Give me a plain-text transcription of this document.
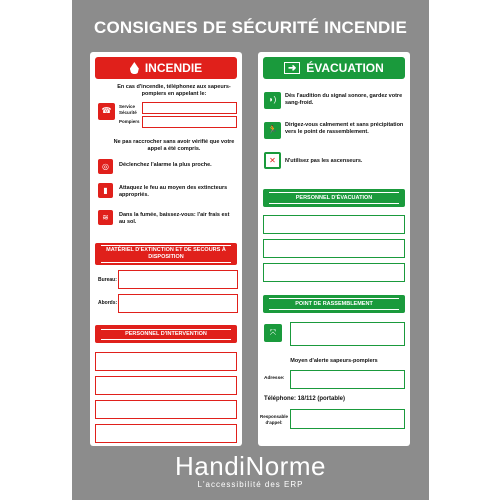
CONSIGNES DE SÉCURITÉ INCENDIE
INCENDIE
En cas d'incendie, téléphonez aux sapeurs-pompiers en appelant le:
☎	Service Sécurité
Pompiers
Ne pas raccrocher sans avoir vérifié que votre appel a été compris.
◎	Déclenchez l'alarme la plus proche.
▮	Attaquez le feu au moyen des extincteurs appropriés.
≋	Dans la fumée, baissez-vous: l'air frais est au sol.
MATÉRIEL D'EXTINCTION ET DE SECOURS À DISPOSITION
Bureau:
Abords:
PERSONNEL D'INTERVENTION
➜ ÉVACUATION
◗)	Dès l'audition du signal sonore, gardez votre sang-froid.
🏃	Dirigez-vous calmement et sans précipitation vers le point de rassemblement.
✕	N'utilisez pas les ascenseurs.
PERSONNEL D'ÉVACUATION
POINT DE RASSEMBLEMENT
⤧
Moyen d'alerte sapeurs-pompiers
Adresse:
Téléphone: 18/112 (portable)
Responsable d'appel:
HandiNorme
L'accessibilité des ERP
